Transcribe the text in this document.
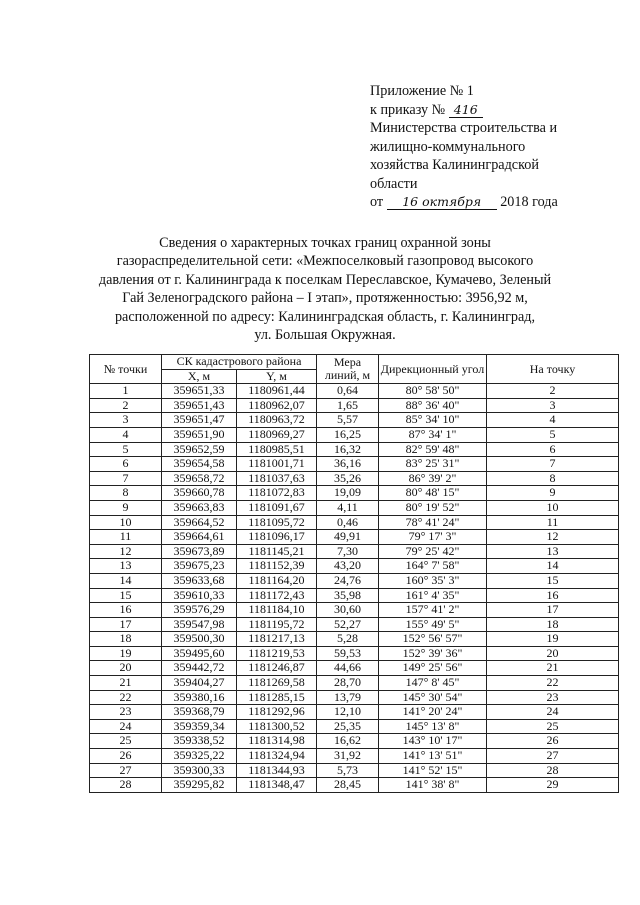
Приложение № 1
к приказу № 416
Министерства строительства и
жилищно-коммунального
хозяйства Калининградской
области
от 16 октября 2018 года
Сведения о характерных точках границ охранной зоны
газораспределительной сети: «Межпоселковый газопровод высокого
давления от г. Калининграда к поселкам Переславское, Кумачево, Зеленый
Гай Зеленоградского района – I этап», протяженностью: 3956,92 м,
расположенной по адресу: Калининградская область, г. Калининград,
ул. Большая Окружная.
№ точки	СК кадастрового района		Мера линий, м	Дирекционный угол	На точку
	X, м	Y, м			
1	359651,33	1180961,44	0,64	80° 58' 50"	2
2	359651,43	1180962,07	1,65	88° 36' 40"	3
3	359651,47	1180963,72	5,57	85° 34' 10"	4
4	359651,90	1180969,27	16,25	87° 34' 1"	5
5	359652,59	1180985,51	16,32	82° 59' 48"	6
6	359654,58	1181001,71	36,16	83° 25' 31"	7
7	359658,72	1181037,63	35,26	86° 39' 2"	8
8	359660,78	1181072,83	19,09	80° 48' 15"	9
9	359663,83	1181091,67	4,11	80° 19' 52"	10
10	359664,52	1181095,72	0,46	78° 41' 24"	11
11	359664,61	1181096,17	49,91	79° 17' 3"	12
12	359673,89	1181145,21	7,30	79° 25' 42"	13
13	359675,23	1181152,39	43,20	164° 7' 58"	14
14	359633,68	1181164,20	24,76	160° 35' 3"	15
15	359610,33	1181172,43	35,98	161° 4' 35"	16
16	359576,29	1181184,10	30,60	157° 41' 2"	17
17	359547,98	1181195,72	52,27	155° 49' 5"	18
18	359500,30	1181217,13	5,28	152° 56' 57"	19
19	359495,60	1181219,53	59,53	152° 39' 36"	20
20	359442,72	1181246,87	44,66	149° 25' 56"	21
21	359404,27	1181269,58	28,70	147° 8' 45"	22
22	359380,16	1181285,15	13,79	145° 30' 54"	23
23	359368,79	1181292,96	12,10	141° 20' 24"	24
24	359359,34	1181300,52	25,35	145° 13' 8"	25
25	359338,52	1181314,98	16,62	143° 10' 17"	26
26	359325,22	1181324,94	31,92	141° 13' 51"	27
27	359300,33	1181344,93	5,73	141° 52' 15"	28
28	359295,82	1181348,47	28,45	141° 38' 8"	29
